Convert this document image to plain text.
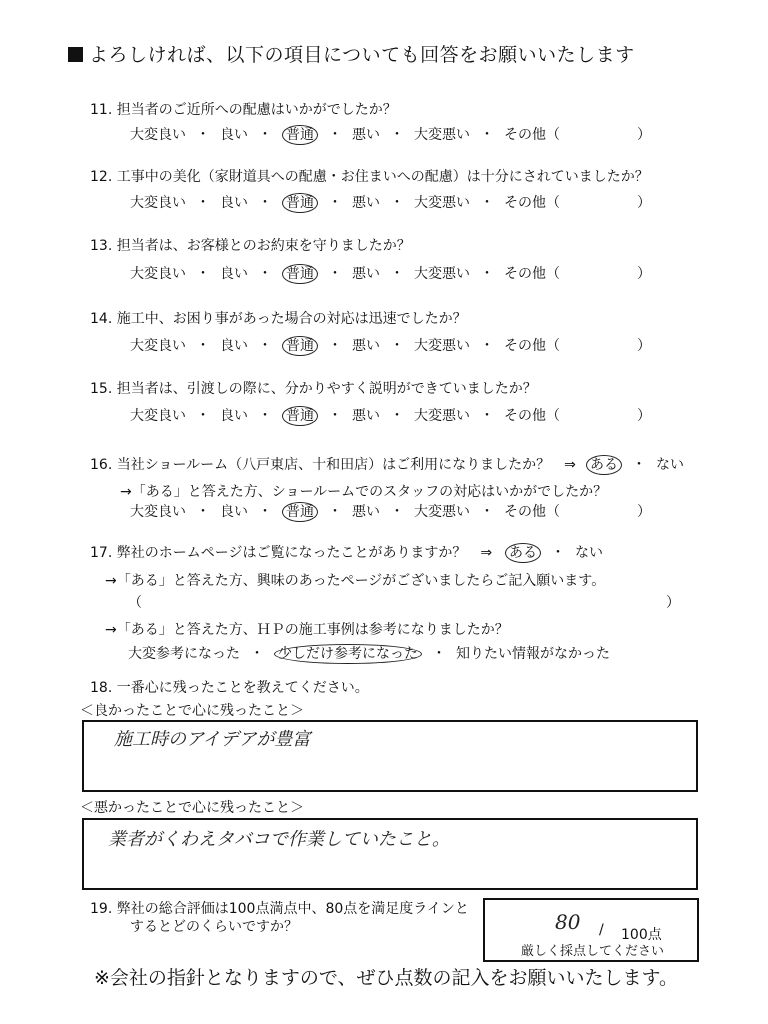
よろしければ、以下の項目についても回答をお願いいたします
11. 担当者のご近所への配慮はいかがでしたか？
大変良い ・ 良い ・ 普通 ・ 悪い ・ 大変悪い ・ その他（	）
12. 工事中の美化（家財道具への配慮・お住まいへの配慮）は十分にされていましたか？
大変良い ・ 良い ・ 普通 ・ 悪い ・ 大変悪い ・ その他（	）
13. 担当者は、お客様とのお約束を守りましたか？
大変良い ・ 良い ・ 普通 ・ 悪い ・ 大変悪い ・ その他（	）
14. 施工中、お困り事があった場合の対応は迅速でしたか？
大変良い ・ 良い ・ 普通 ・ 悪い ・ 大変悪い ・ その他（	）
15. 担当者は、引渡しの際に、分かりやすく説明ができていましたか？
大変良い ・ 良い ・ 普通 ・ 悪い ・ 大変悪い ・ その他（	）
16. 当社ショールーム（八戸東店、十和田店）はご利用になりましたか？　⇒ ある ・ ない
→「ある」と答えた方、ショールームでのスタッフの対応はいかがでしたか？
大変良い ・ 良い ・ 普通 ・ 悪い ・ 大変悪い ・ その他（	）
17. 弊社のホームページはご覧になったことがありますか？　⇒ ある ・ ない
→「ある」と答えた方、興味のあったページがございましたらご記入願います。
（	）
→「ある」と答えた方、ＨＰの施工事例は参考になりましたか？
大変参考になった ・ 少しだけ参考になった ・ 知りたい情報がなかった
18. 一番心に残ったことを教えてください。
＜良かったことで心に残ったこと＞
施工時のアイデアが豊富
＜悪かったことで心に残ったこと＞
業者がくわえタバコで作業していたこと。
19. 弊社の総合評価は100点満点中、80点を満足度ラインと
するとどのくらいですか？	80 / 100点
厳しく採点してください
※会社の指針となりますので、ぜひ点数の記入をお願いいたします。
